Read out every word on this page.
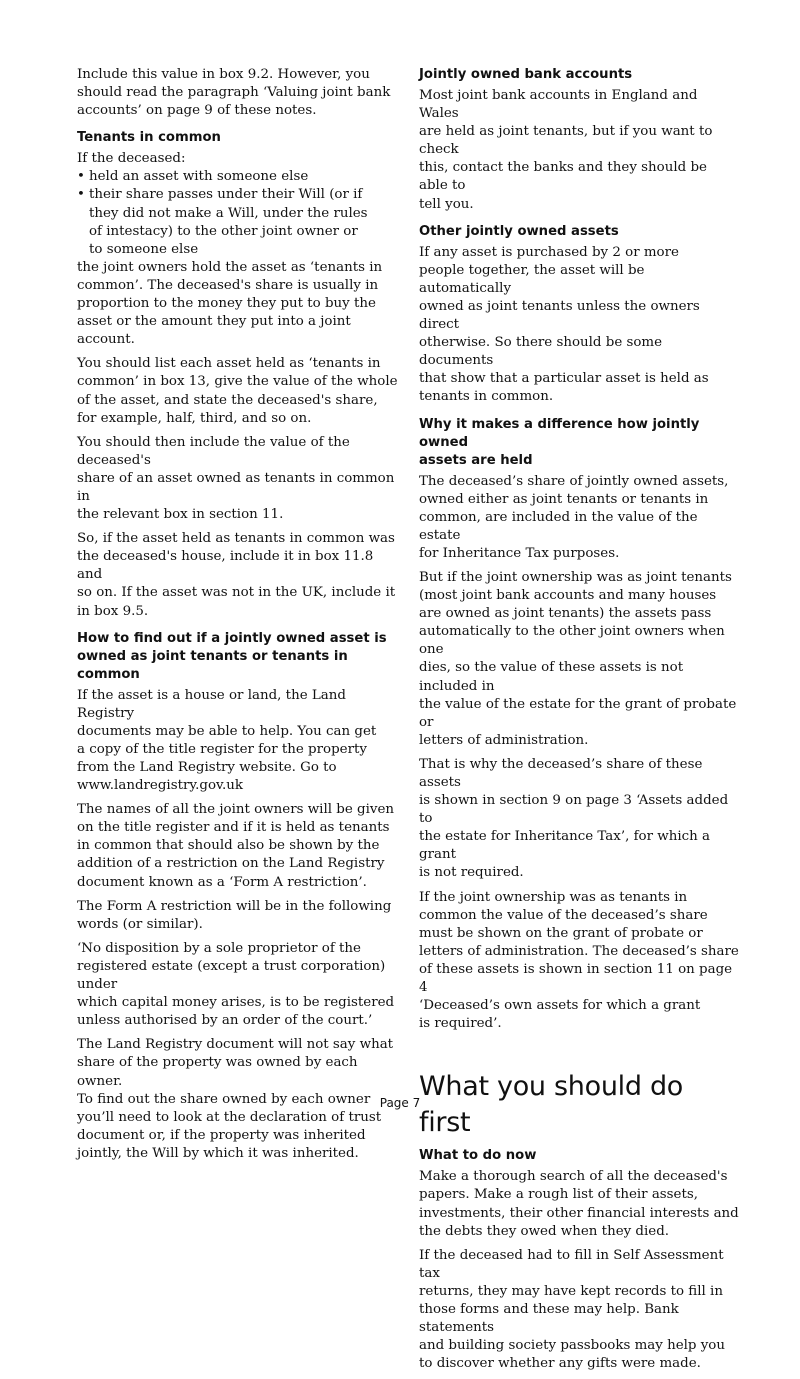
Include this value in box 9.2. However, you
should read the paragraph ‘Valuing joint bank
accounts’ on page 9 of these notes.

Tenants in common

If the deceased:

• held an asset with someone else
• their share passes under their Will (or if
they did not make a Will, under the rules
of intestacy) to the other joint owner or
to someone else

the joint owners hold the asset as ‘tenants in
common’. The deceased's share is usually in
proportion to the money they put to buy the
asset or the amount they put into a joint account.

You should list each asset held as ‘tenants in
common’ in box 13, give the value of the whole
of the asset, and state the deceased's share,
for example, half, third, and so on.

You should then include the value of the deceased's
share of an asset owned as tenants in common in
the relevant box in section 11.

So, if the asset held as tenants in common was
the deceased's house, include it in box 11.8 and
so on. If the asset was not in the UK, include it
in box 9.5.

How to find out if a jointly owned asset is
owned as joint tenants or tenants in common

If the asset is a house or land, the Land Registry
documents may be able to help. You can get
a copy of the title register for the property
from the Land Registry website. Go to
www.landregistry.gov.uk

The names of all the joint owners will be given
on the title register and if it is held as tenants
in common that should also be shown by the
addition of a restriction on the Land Registry
document known as a ‘Form A restriction’.

The Form A restriction will be in the following
words (or similar).

‘No disposition by a sole proprietor of the
registered estate (except a trust corporation) under
which capital money arises, is to be registered
unless authorised by an order of the court.’

The Land Registry document will not say what
share of the property was owned by each owner.
To find out the share owned by each owner
you’ll need to look at the declaration of trust
document or, if the property was inherited
jointly, the Will by which it was inherited.

Jointly owned bank accounts

Most joint bank accounts in England and Wales
are held as joint tenants, but if you want to check
this, contact the banks and they should be able to
tell you.

Other jointly owned assets

If any asset is purchased by 2 or more
people together, the asset will be automatically
owned as joint tenants unless the owners direct
otherwise. So there should be some documents
that show that a particular asset is held as
tenants in common.

Why it makes a difference how jointly owned
assets are held

The deceased’s share of jointly owned assets,
owned either as joint tenants or tenants in
common, are included in the value of the estate
for Inheritance Tax purposes.

But if the joint ownership was as joint tenants
(most joint bank accounts and many houses
are owned as joint tenants) the assets pass
automatically to the other joint owners when one
dies, so the value of these assets is not included in
the value of the estate for the grant of probate or
letters of administration.

That is why the deceased’s share of these assets
is shown in section 9 on page 3 ‘Assets added to
the estate for Inheritance Tax’, for which a grant
is not required.

If the joint ownership was as tenants in
common the value of the deceased’s share
must be shown on the grant of probate or
letters of administration. The deceased’s share
of these assets is shown in section 11 on page 4
‘Deceased’s own assets for which a grant
is required’.

What you should do first
What to do now

Make a thorough search of all the deceased's
papers. Make a rough list of their assets,
investments, their other financial interests and
the debts they owed when they died.

If the deceased had to fill in Self Assessment tax
returns, they may have kept records to fill in
those forms and these may help. Bank statements
and building society passbooks may help you
to discover whether any gifts were made.

Page 7
